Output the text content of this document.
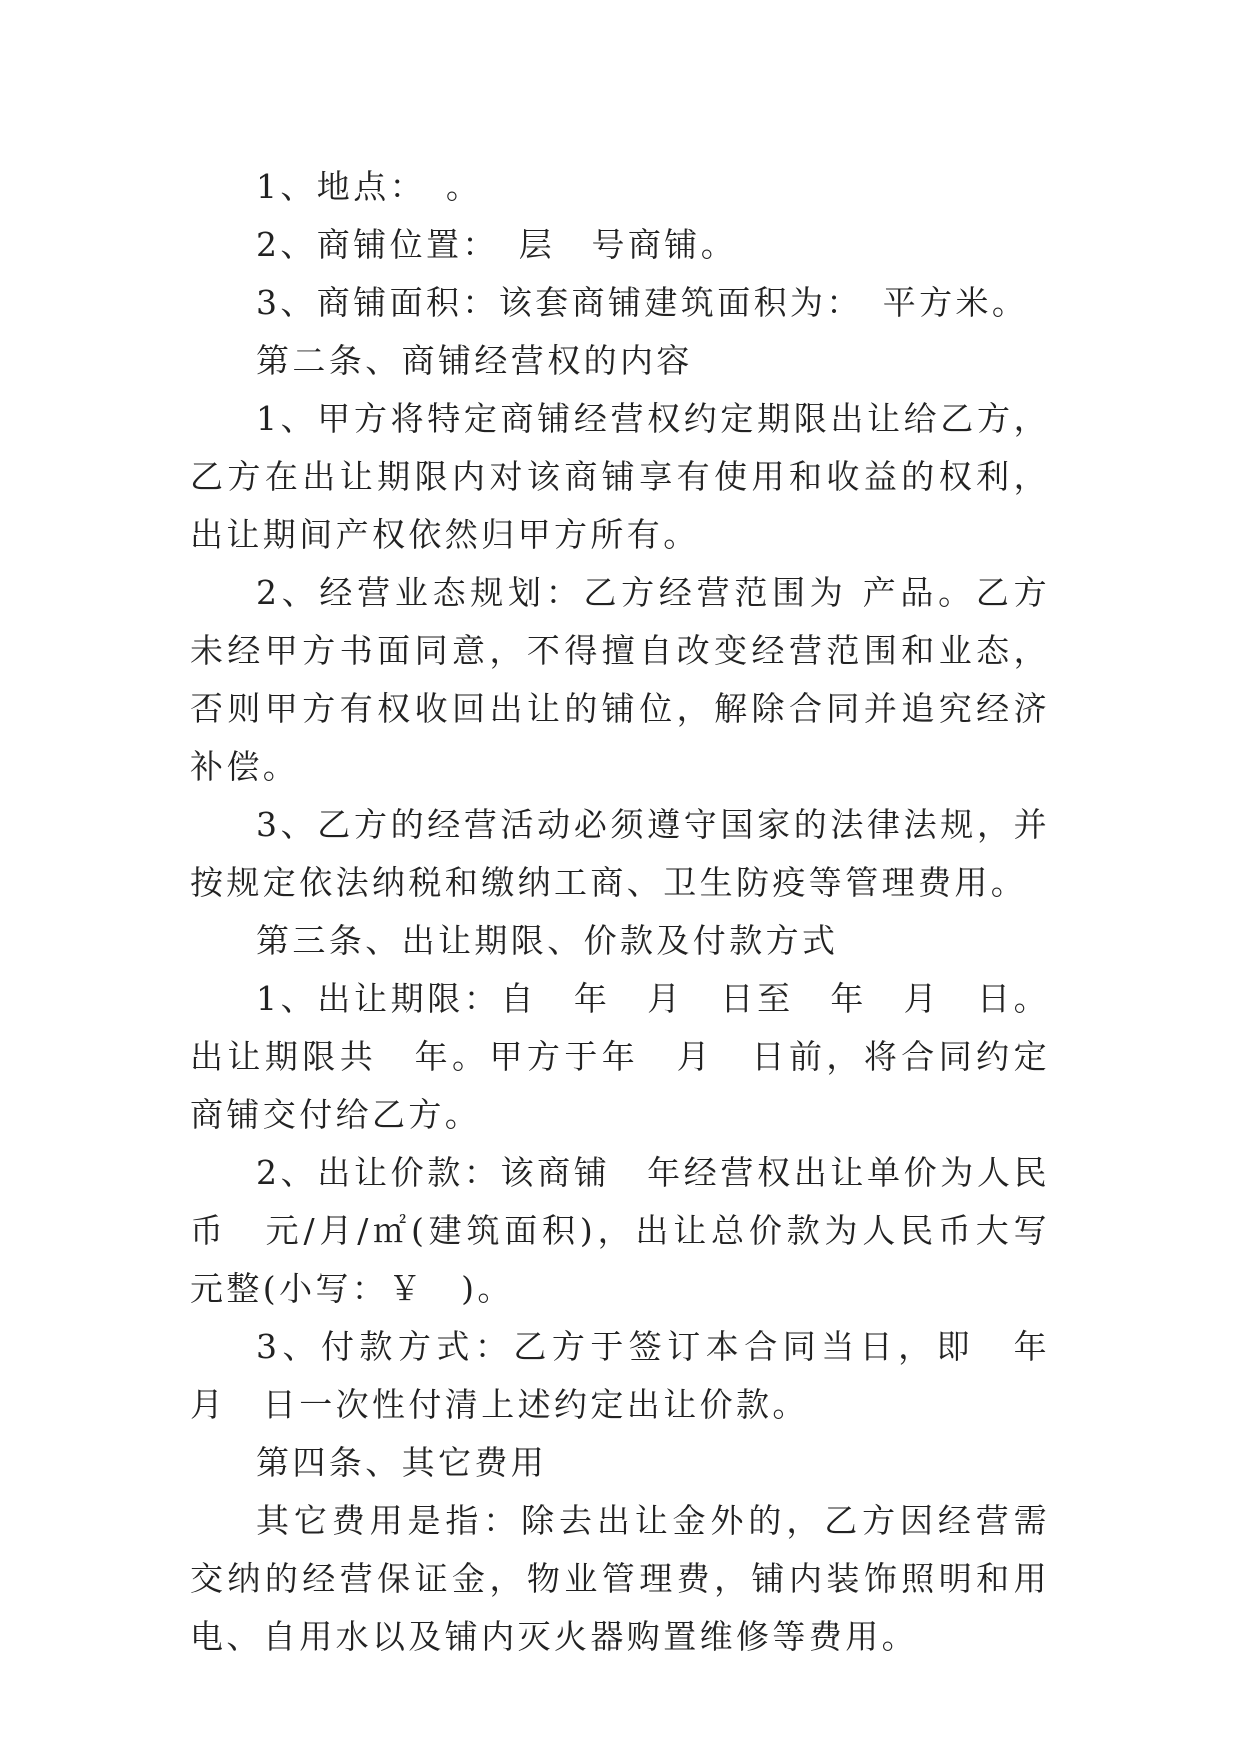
1、地点：　。

2、商铺位置：　层　号商铺。

3、商铺面积：该套商铺建筑面积为：　平方米。

第二条、商铺经营权的内容

1、甲方将特定商铺经营权约定期限出让给乙方，乙方在出让期限内对该商铺享有使用和收益的权利，出让期间产权依然归甲方所有。

2、经营业态规划：乙方经营范围为 产品。乙方未经甲方书面同意，不得擅自改变经营范围和业态，否则甲方有权收回出让的铺位，解除合同并追究经济补偿。

3、乙方的经营活动必须遵守国家的法律法规，并按规定依法纳税和缴纳工商、卫生防疫等管理费用。

第三条、出让期限、价款及付款方式

1、出让期限：自　年　月　日至　年　月　日。出让期限共　年。甲方于年　月　日前，将合同约定商铺交付给乙方。

2、出让价款：该商铺　年经营权出让单价为人民币　元/月/㎡(建筑面积)，出让总价款为人民币大写　元整(小写：￥　)。

3、付款方式：乙方于签订本合同当日，即　年　月　日一次性付清上述约定出让价款。

第四条、其它费用

其它费用是指：除去出让金外的，乙方因经营需交纳的经营保证金，物业管理费，铺内装饰照明和用电、自用水以及铺内灭火器购置维修等费用。
